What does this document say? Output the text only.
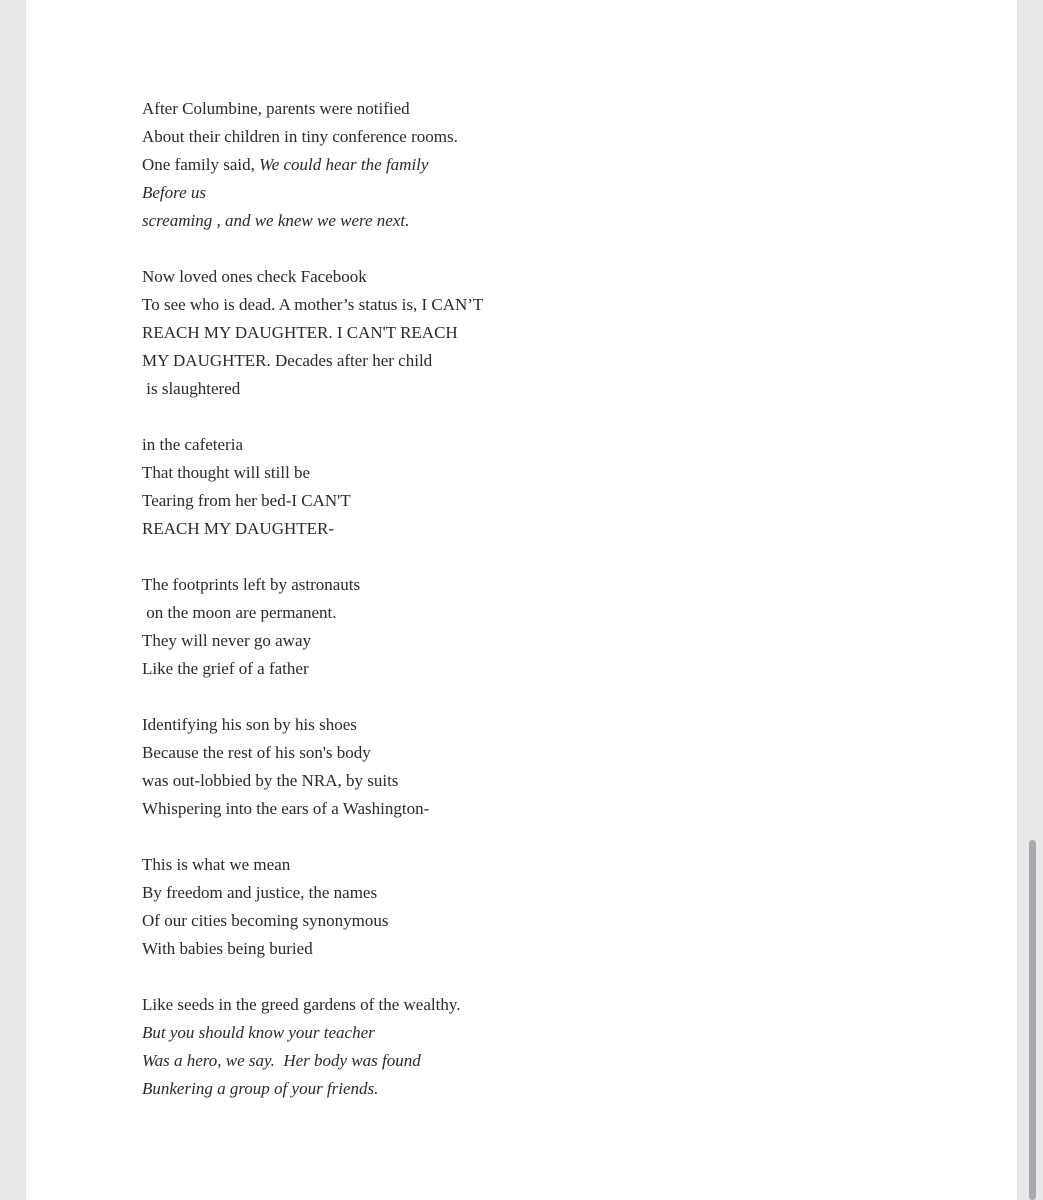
After Columbine, parents were notified
About their children in tiny conference rooms.
One family said, We could hear the family
Before us
screaming , and we knew we were next.
Now loved ones check Facebook
To see who is dead. A mother’s status is, I CAN’T
REACH MY DAUGHTER. I CAN'T REACH
MY DAUGHTER. Decades after her child
is slaughtered
in the cafeteria
That thought will still be
Tearing from her bed-I CAN'T
REACH MY DAUGHTER-
The footprints left by astronauts
on the moon are permanent.
They will never go away
Like the grief of a father
Identifying his son by his shoes
Because the rest of his son's body
was out-lobbied by the NRA, by suits
Whispering into the ears of a Washington-
This is what we mean
By freedom and justice, the names
Of our cities becoming synonymous
With babies being buried
Like seeds in the greed gardens of the wealthy.
But you should know your teacher
Was a hero, we say.  Her body was found
Bunkering a group of your friends.
